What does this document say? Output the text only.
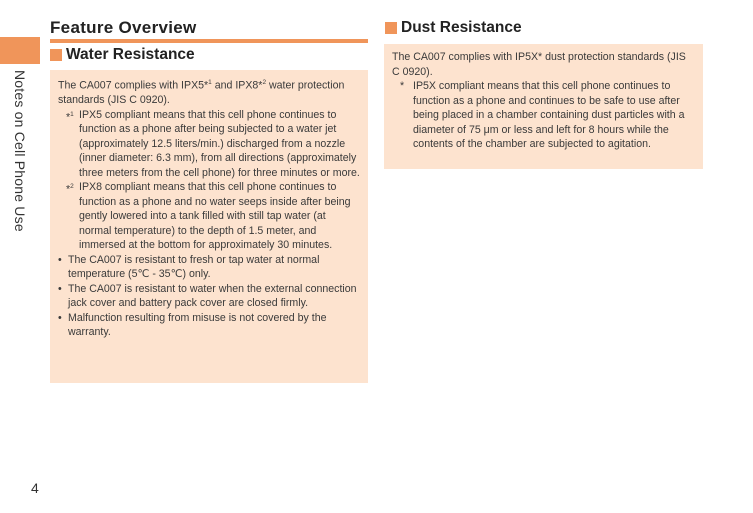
Notes on Cell Phone Use
4
Feature Overview
Water Resistance

The CA007 complies with IPX5*$^1$ and IPX8*$^2$ water protection standards (JIS C 0920).

*$^1$ IPX5 compliant means that this cell phone continues to function as a phone after being subjected to a water jet (approximately 12.5 liters/min.) discharged from a nozzle (inner diameter: 6.3 mm), from all directions (approximately three meters from the cell phone) for three minutes or more.
*$^2$ IPX8 compliant means that this cell phone continues to function as a phone and no water seeps inside after being gently lowered into a tank filled with still tap water (at normal temperature) to the depth of 1.5 meter, and immersed at the bottom for approximately 30 minutes.
• The CA007 is resistant to fresh or tap water at normal temperature (5℃ - 35℃) only.
• The CA007 is resistant to water when the external connection jack cover and battery pack cover are closed firmly.
• Malfunction resulting from misuse is not covered by the warranty.
Dust Resistance

The CA007 complies with IP5X* dust protection standards (JIS C 0920).

* IP5X compliant means that this cell phone continues to function as a phone and continues to be safe to use after being placed in a chamber containing dust particles with a diameter of 75 μm or less and left for 8 hours while the contents of the chamber are subjected to agitation.
